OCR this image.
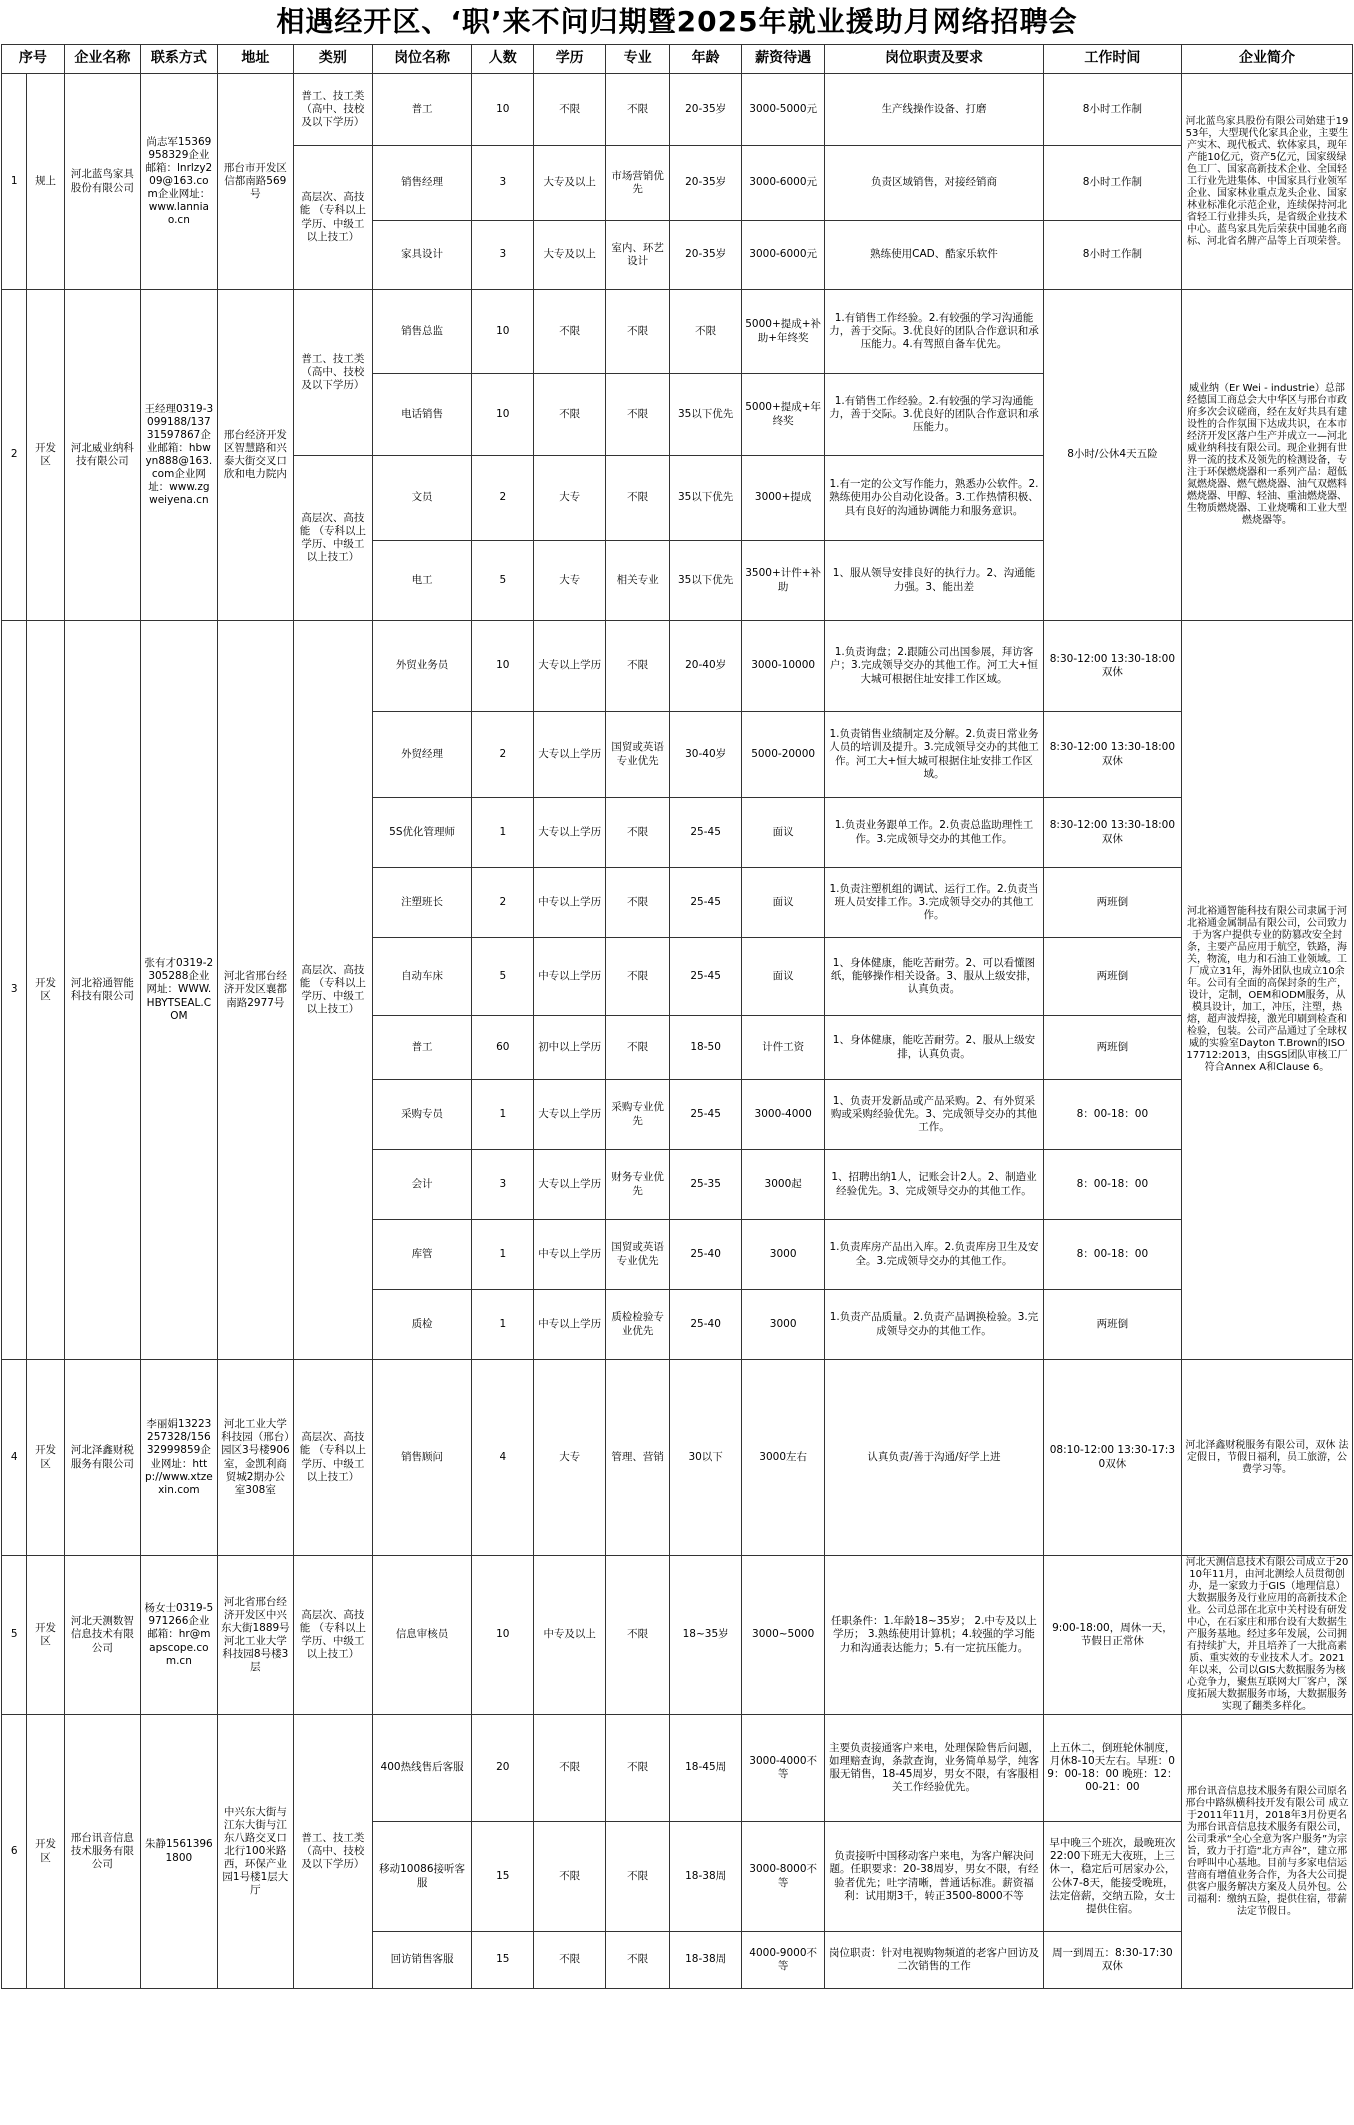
相遇经开区、‘职’来不问归期暨2025年就业援助月网络招聘会
序号		企业名称	联系方式	地址	类别	岗位名称	人数	学历	专业	年龄	薪资待遇	岗位职责及要求	工作时间	企业简介
1	规上	河北蓝鸟家具股份有限公司	尚志军15369958329企业邮箱：lnrlzy209@163.com企业网址：www.lanniao.cn	邢台市开发区信都南路569号	普工、技工类 （高中、技校及以下学历）	普工	10	不限	不限	20-35岁	3000-5000元	生产线操作设备、打磨	8小时工作制	河北蓝鸟家具股份有限公司始建于1953年，大型现代化家具企业，主要生产实木、现代板式、软体家具，现年产能10亿元，资产5亿元，国家级绿色工厂、国家高新技术企业、全国轻工行业先进集体、中国家具行业领军企业、国家林业重点龙头企业、国家林业标准化示范企业，连续保持河北省轻工行业排头兵，是省级企业技术中心。蓝鸟家具先后荣获中国驰名商标、河北省名牌产品等上百项荣誉。
					高层次、高技能 （专科以上学历、中级工以上技工）	销售经理	3	大专及以上	市场营销优先	20-35岁	3000-6000元	负责区域销售，对接经销商	8小时工作制	
						家具设计	3	大专及以上	室内、环艺设计	20-35岁	3000-6000元	熟练使用CAD、酷家乐软件	8小时工作制	
2	开发区	河北威业纳科技有限公司	王经理0319-3099188/13731597867企业邮箱：hbwyn888@163.com企业网址：www.zgweiyena.cn	邢台经济开发区智慧路和兴泰大街交叉口欣和电力院内	普工、技工类 （高中、技校及以下学历）	销售总监	10	不限	不限	不限	5000+提成+补助+年终奖	1.有销售工作经验。2.有较强的学习沟通能力，善于交际。3.优良好的团队合作意识和承压能力。4.有驾照自备车优先。	8小时/公休4天五险	威业纳（Er Wei - industrie）总部经德国工商总会大中华区与邢台市政府多次会议磋商，经在友好共具有建设性的合作氛围下达成共识，在本市经济开发区落户生产并成立一—河北威业纳科技有限公司。现企业拥有世界一流的技术及领先的检测设备，专注于环保燃烧器和一系列产品：超低氮燃烧器、燃气燃烧器、油气双燃料燃烧器、甲醇、轻油、重油燃烧器、生物质燃烧器、工业烧嘴和工业大型燃烧器等。
						电话销售	10	不限	不限	35以下优先	5000+提成+年终奖	1.有销售工作经验。2.有较强的学习沟通能力，善于交际。3.优良好的团队合作意识和承压能力。		
					高层次、高技能 （专科以上学历、中级工以上技工）	文员	2	大专	不限	35以下优先	3000+提成	1.有一定的公文写作能力，熟悉办公软件。2.熟练使用办公自动化设备。3.工作热情积极、具有良好的沟通协调能力和服务意识。		
						电工	5	大专	相关专业	35以下优先	3500+计件+补助	1、服从领导安排良好的执行力。2、沟通能力强。3、能出差		
3	开发区	河北裕通智能科技有限公司	张有才0319-2305288企业网址：WWW.HBYTSEAL.COM	河北省邢台经济开发区襄都南路2977号	高层次、高技能 （专科以上学历、中级工以上技工）	外贸业务员	10	大专以上学历	不限	20-40岁	3000-10000	1.负责询盘；2.跟随公司出国参展，拜访客户；3.完成领导交办的其他工作。河工大+恒大城可根据住址安排工作区域。	8:30-12:00 13:30-18:00 双休	河北裕通智能科技有限公司隶属于河北裕通金属制品有限公司，公司致力于为客户提供专业的防篡改安全封条，主要产品应用于航空，铁路，海关，物流，电力和石油工业领域。工厂成立31年，海外团队也成立10余年。公司有全面的高保封条的生产，设计，定制，OEM和ODM服务，从模具设计，加工，冲压，注塑，热熔，超声波焊接，激光印刷到检查和检验，包装。公司产品通过了全球权威的实验室Dayton T.Brown的ISO 17712:2013，由SGS团队审核工厂符合Annex A和Clause 6。
						外贸经理	2	大专以上学历	国贸或英语专业优先	30-40岁	5000-20000	1.负责销售业绩制定及分解。2.负责日常业务人员的培训及提升。3.完成领导交办的其他工作。河工大+恒大城可根据住址安排工作区域。	8:30-12:00 13:30-18:00 双休	
						5S优化管理师	1	大专以上学历	不限	25-45	面议	1.负责业务跟单工作。2.负责总监助理性工作。3.完成领导交办的其他工作。	8:30-12:00 13:30-18:00 双休	
						注塑班长	2	中专以上学历	不限	25-45	面议	1.负责注塑机组的调试、运行工作。2.负责当班人员安排工作。3.完成领导交办的其他工作。	两班倒	
						自动车床	5	中专以上学历	不限	25-45	面议	1、身体健康，能吃苦耐劳。2、可以看懂图纸，能够操作相关设备。3、服从上级安排，认真负责。	两班倒	
						普工	60	初中以上学历	不限	18-50	计件工资	1、身体健康，能吃苦耐劳。2、服从上级安排，认真负责。	两班倒	
						采购专员	1	大专以上学历	采购专业优先	25-45	3000-4000	1、负责开发新品或产品采购。2、有外贸采购或采购经验优先。3、完成领导交办的其他工作。	8：00-18：00	
						会计	3	大专以上学历	财务专业优先	25-35	3000起	1、招聘出纳1人，记账会计2人。2、制造业经验优先。3、完成领导交办的其他工作。	8：00-18：00	
						库管	1	中专以上学历	国贸或英语专业优先	25-40	3000	1.负责库房产品出入库。2.负责库房卫生及安全。3.完成领导交办的其他工作。	8：00-18：00	
						质检	1	中专以上学历	质检检验专业优先	25-40	3000	1.负责产品质量。2.负责产品调换检验。3.完成领导交办的其他工作。	两班倒	
4	开发区	河北泽鑫财税服务有限公司	李丽娟13223257328/15632999859企业网址：http://www.xtzexin.com	河北工业大学科技园（邢台）园区3号楼906室，金凯利商贸城2期办公室308室	高层次、高技能 （专科以上学历、中级工以上技工）	销售顾问	4	大专	管理、营销	30以下	3000左右	认真负责/善于沟通/好学上进	08:10-12:00 13:30-17:30双休	河北泽鑫财税服务有限公司，双休 法定假日，节假日福利，员工旅游，公费学习等。
5	开发区	河北天测数智信息技术有限公司	杨女士0319-5971266企业邮箱：hr@mapscope.com.cn	河北省邢台经济开发区中兴东大街1889号河北工业大学科技园8号楼3层	高层次、高技能 （专科以上学历、中级工以上技工）	信息审核员	10	中专及以上	不限	18~35岁	3000~5000	任职条件：1.年龄18~35岁； 2.中专及以上学历； 3.熟练使用计算机；4.较强的学习能力和沟通表达能力；5.有一定抗压能力。	9:00-18:00，周休一天，节假日正常休	河北天测信息技术有限公司成立于2010年11月，由河北测绘人员贯彻创办，是一家致力于GIS（地理信息）大数据服务及行业应用的高新技术企业。公司总部在北京中关村设有研发中心，在石家庄和邢台设有大数据生产服务基地。经过多年发展，公司拥有持续扩大，并且培养了一大批高素质、重实效的专业技术人才。2021年以来，公司以GIS大数据服务为核心竞争力，聚焦互联网大厂客户，深度拓展大数据服务市场，大数据服务实现了翻类多样化。
6	开发区	邢台讯音信息技术服务有限公司	朱静15613961800	中兴东大街与江东大街与江东八路交叉口北行100米路西，环保产业园1号楼1层大厅	普工、技工类 （高中、技校及以下学历）	400热线售后客服	20	不限	不限	18-45周	3000-4000不等	主要负责接通客户来电，处理保险售后问题，如理赔查询，条款查询，业务简单易学，纯客服无销售，18-45周岁，男女不限，有客服相关工作经验优先。	上五休二，倒班轮休制度，月休8-10天左右。早班：09：00-18：00 晚班：12：00-21：00	邢台讯音信息技术服务有限公司原名邢台中路纵横科技开发有限公司 成立于2011年11月，2018年3月份更名为邢台讯音信息技术服务有限公司，公司秉承“全心全意为客户服务”为宗旨，致力于打造“北方声谷”，建立邢台呼叫中心基地。目前与多家电信运营商有增值业务合作，为各大公司提供客户服务解决方案及人员外包。公司福利：缴纳五险，提供住宿，带薪法定节假日。
						移动10086接听客服	15	不限	不限	18-38周	3000-8000不等	负责接听中国移动客户来电，为客户解决问题。任职要求：20-38周岁，男女不限，有经验者优先；吐字清晰，普通话标准。薪资福利：试用期3千，转正3500-8000不等	早中晚三个班次，最晚班次22:00下班无大夜班，上三休一，稳定后可居家办公，公休7-8天，能接受晚班，法定倍薪，交纳五险，女士提供住宿。	
						回访销售客服	15	不限	不限	18-38周	4000-9000不等	岗位职责：针对电视购物频道的老客户回访及二次销售的工作	周一到周五：8:30-17:30 双休	
